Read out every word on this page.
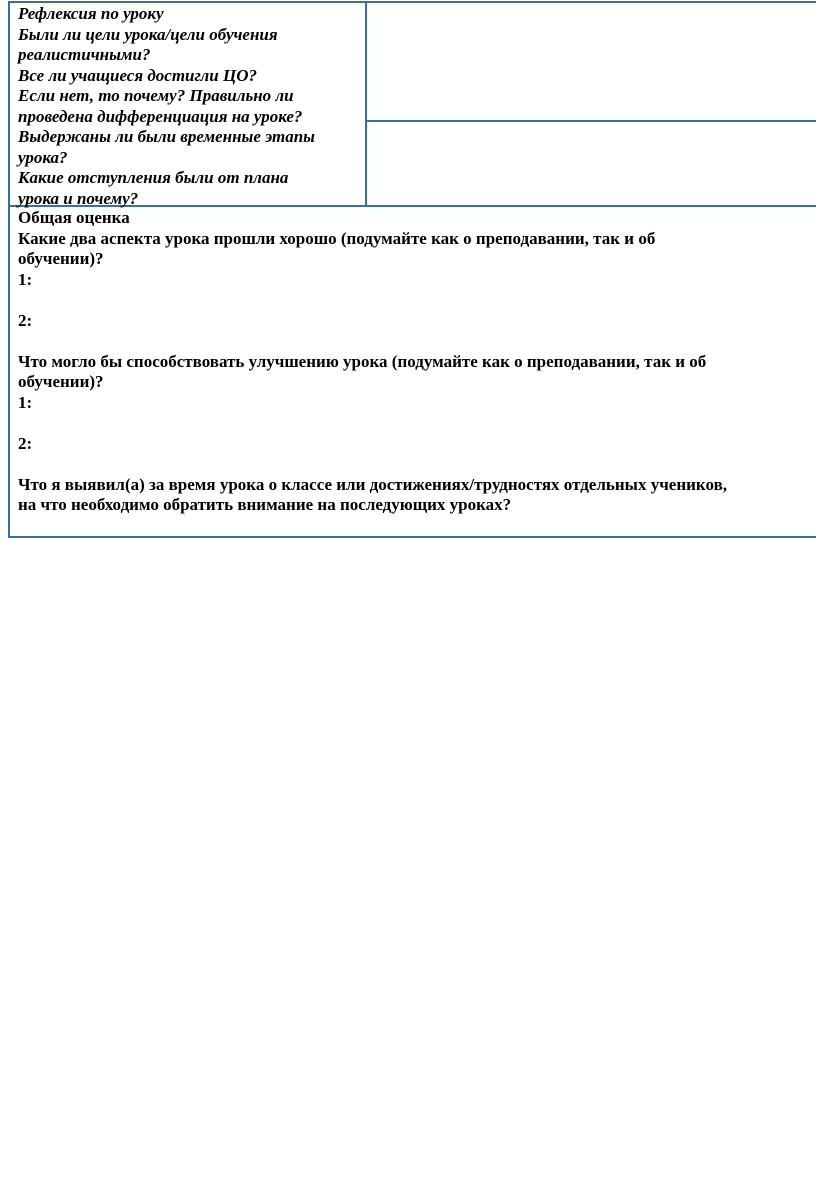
Рефлексия по уроку

Были ли цели урока/цели обучения

реалистичными?

Все ли учащиеся достигли ЦО?

Если нет, то почему? Правильно ли

проведена дифференциация на уроке?

Выдержаны ли были временные этапы

урока?

Какие отступления были от плана

урока и почему?

Общая оценка

Какие два аспекта урока прошли хорошо (подумайте как о преподавании, так и об

обучении)?

1:

2:

Что могло бы способствовать улучшению урока (подумайте как о преподавании, так и об

обучении)?

1:

2:

Что я выявил(а) за время урока о классе или достижениях/трудностях отдельных учеников,

на что необходимо обратить внимание на последующих уроках?
